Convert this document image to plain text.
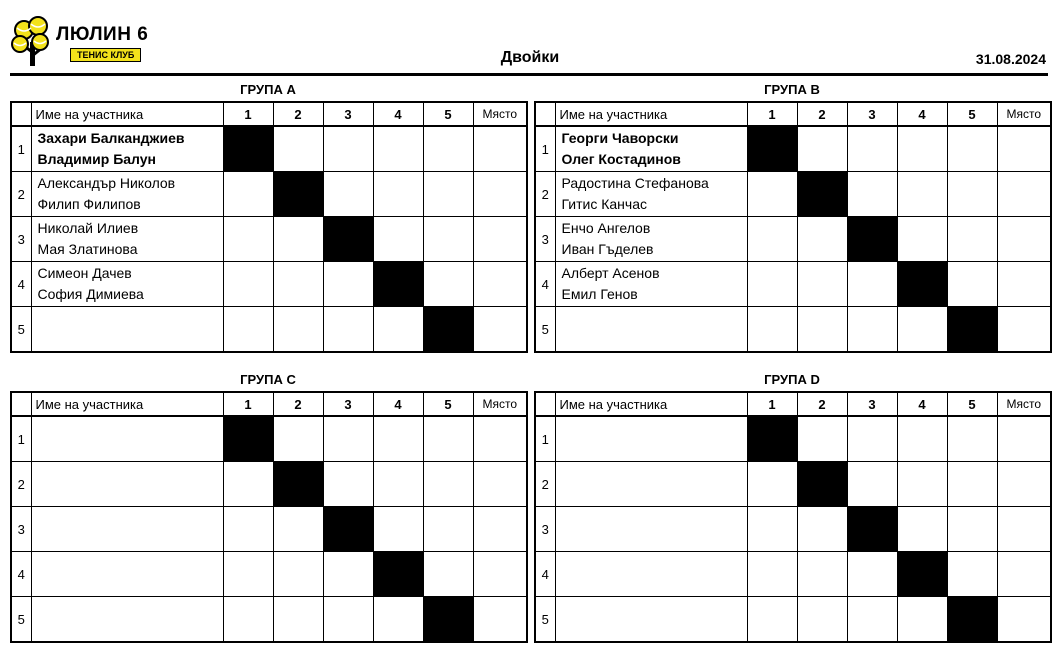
ЛЮЛИН 6
ТЕНИС КЛУБ	Двойки	31.08.2024
ГРУПА А
	Име на участника	1	2	3	4	5	Място
1	Захари Балканджиев
Владимир Балун						

2	Александър Николов
Филип Филипов						

3	Николай Илиев
Мая Златинова						

4	Симеон Дачев
София Димиева						

5	

ГРУПА В
	Име на участника	1	2	3	4	5	Място
1	Георги Чаворски
Олег Костадинов						

2	Радостина Стефанова
Гитис Канчас						

3	Енчо Ангелов
Иван Гъделев						

4	Алберт Асенов
Емил Генов						

5	

ГРУПА С
	Име на участника	1	2	3	4	5	Място
1	

2	

3	

4	

5	

ГРУПА D
	Име на участника	1	2	3	4	5	Място
1	

2	

3	

4	

5	
